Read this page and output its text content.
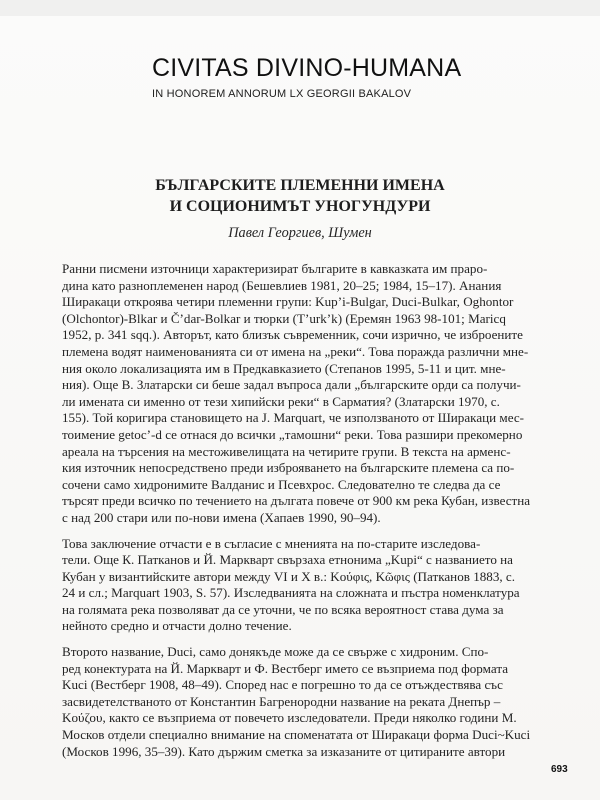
CIVITAS DIVINO-HUMANA
IN HONOREM ANNORUM LX GEORGII BAKALOV
БЪЛГАРСКИТЕ ПЛЕМЕННИ ИМЕНА
И СОЦИОНИМЪТ УНОГУНДУРИ
Павел Георгиев, Шумен
Ранни писмени източници характеризират българите в кавказката им прaро-
дина като разноплеменен народ (Бешевлиев 1981, 20–25; 1984, 15–17). Анания
Ширакаци откроява четири племенни групи: Kup’i-Bulgar, Duci-Bulkar, Oghontor
(Olchontor)-Blkar и Čʼdar-Bolkar и тюрки (Tʼurkʼk) (Еремян 1963 98-101; Maricq
1952, p. 341 sqq.). Авторът, като близък съвременник, сочи изрично, че изброените
племена водят наименованията си от имена на „реки“. Това поражда различни мне-
ния около локализацията им в Предкавказието (Степанов 1995, 5-11 и цит. мне-
ния). Още В. Златарски си беше задал въпроса дали „българските орди са получи-
ли имената си именно от тези хипийски реки“ в Сарматия? (Златарски 1970, с.
155). Той коригира становището на J. Marquart, че използваното от Ширакаци мес-
тоимение getoc’-d се отнася до всички „тамошни“ реки. Това разшири прекомерно
ареала на търсения на местоживелищата на четирите групи. В текста на арменс-
кия източник непосредствено преди изброяването на българските племена са по-
сочени само хидронимите Валданис и Псевхрос. Следователно те следва да се
търсят преди всичко по течението на дългата повече от 900 км река Кубан, известна
с над 200 стари или по-нови имена (Хапаев 1990, 90–94).
Това заключение отчасти е в съгласие с мненията на по-старите изследова-
тели. Още К. Патканов и Й. Маркварт свързаха етнонима „Kupi“ с названието на
Кубан у византийските автори между VI и X в.: Κούφις, Κῶφις (Патканов 1883, с.
24 и сл.; Marquart 1903, S. 57). Изследванията на сложната и пъстра номенклатура
на голямата река позволяват да се уточни, че по всяка вероятност става дума за
нейното средно и отчасти долно течение.
Второто название, Duci, само донякъде може да се свърже с хидроним. Спо-
ред конектурата на Й. Маркварт и Ф. Вестберг името се възприема под формата
Kuci (Вестберг 1908, 48–49). Според нас е погрешно то да се отъждествява със
засвидетелстваното от Константин Багренородни название на реката Днепър –
Κούζου, както се възприема от повечето изследователи. Преди няколко години М.
Москов отдели специално внимание на споменатата от Ширакаци форма Duci~Kuci
(Москов 1996, 35–39). Като държим сметка за изказаните от цитираните автори
693
